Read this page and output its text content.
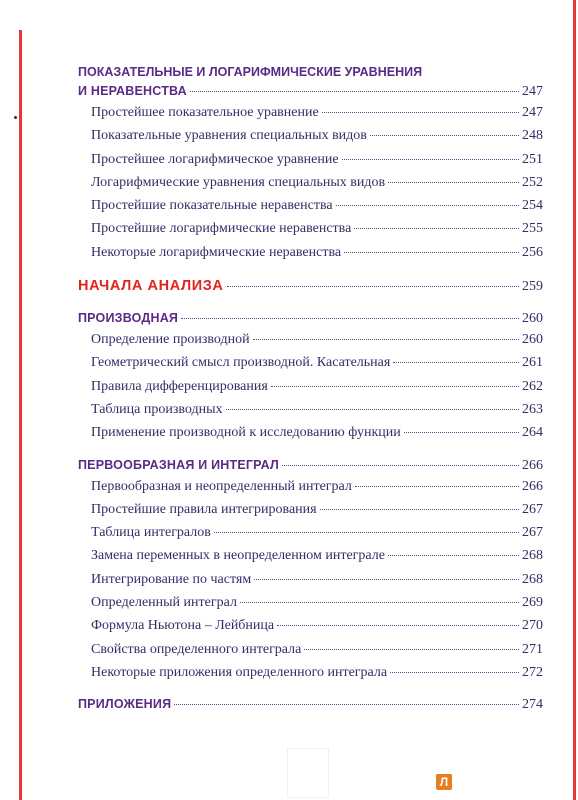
ПОКАЗАТЕЛЬНЫЕ И ЛОГАРИФМИЧЕСКИЕ УРАВНЕНИЯ
И НЕРАВЕНСТВА	247
Простейшее показательное уравнение	247
Показательные уравнения специальных видов	248
Простейшее логарифмическое уравнение	251
Логарифмические уравнения специальных видов	252
Простейшие показательные неравенства	254
Простейшие логарифмические неравенства	255
Некоторые логарифмические неравенства	256
НАЧАЛА АНАЛИЗА	259
ПРОИЗВОДНАЯ	260
Определение производной	260
Геометрический смысл производной. Касательная	261
Правила дифференцирования	262
Таблица производных	263
Применение производной к исследованию функции	264
ПЕРВООБРАЗНАЯ И ИНТЕГРАЛ	266
Первообразная и неопределенный интеграл	266
Простейшие правила интегрирования	267
Таблица интегралов	267
Замена переменных в неопределенном интеграле	268
Интегрирование по частям	268
Определенный интеграл	269
Формула Ньютона – Лейбница	270
Свойства определенного интеграла	271
Некоторые приложения определенного интеграла	272
ПРИЛОЖЕНИЯ	274
Л
